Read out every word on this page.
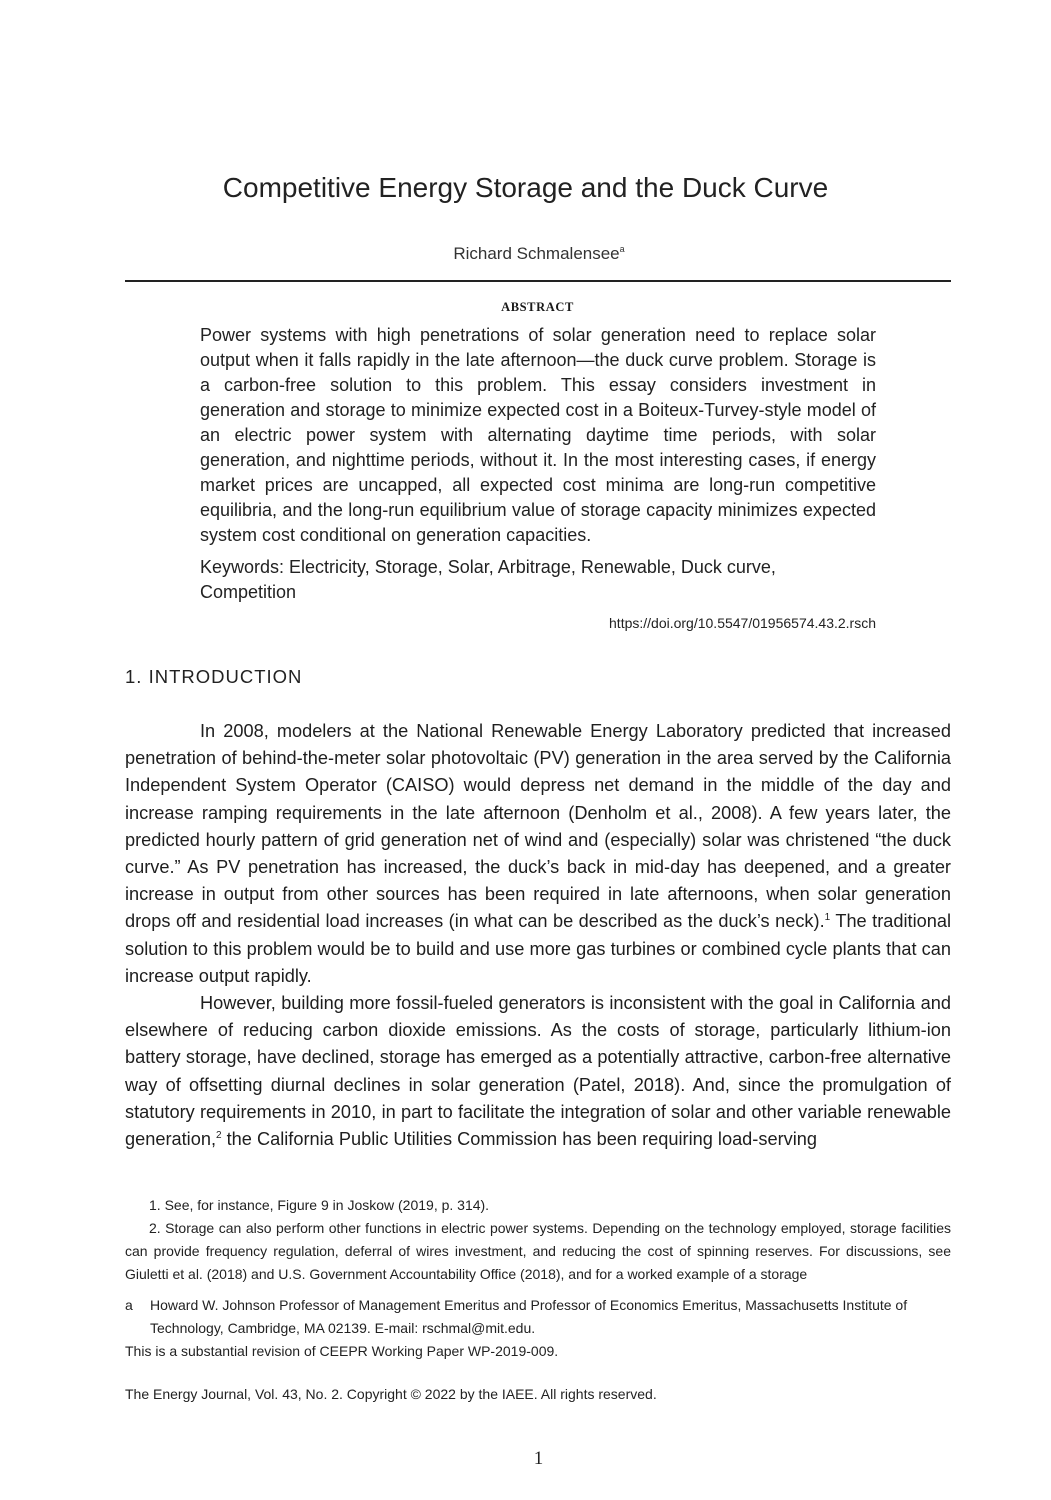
Competitive Energy Storage and the Duck Curve
Richard Schmalensee$^a$
ABSTRACT

Power systems with high penetrations of solar generation need to replace solar output when it falls rapidly in the late afternoon—the duck curve problem. Storage is a carbon-free solution to this problem. This essay considers investment in generation and storage to minimize expected cost in a Boiteux-Turvey-style model of an electric power system with alternating daytime time periods, with solar generation, and nighttime periods, without it. In the most interesting cases, if energy market prices are uncapped, all expected cost minima are long-run competitive equilibria, and the long-run equilibrium value of storage capacity minimizes expected system cost conditional on generation capacities.

Keywords: Electricity, Storage, Solar, Arbitrage, Renewable, Duck curve, Competition
https://doi.org/10.5547/01956574.43.2.rsch
1. INTRODUCTION

In 2008, modelers at the National Renewable Energy Laboratory predicted that increased penetration of behind-the-meter solar photovoltaic (PV) generation in the area served by the California Independent System Operator (CAISO) would depress net demand in the middle of the day and increase ramping requirements in the late afternoon (Denholm et al., 2008). A few years later, the predicted hourly pattern of grid generation net of wind and (especially) solar was christened “the duck curve.” As PV penetration has increased, the duck’s back in mid-day has deepened, and a greater increase in output from other sources has been required in late afternoons, when solar generation drops off and residential load increases (in what can be described as the duck’s neck).$^1$ The traditional solution to this problem would be to build and use more gas turbines or combined cycle plants that can increase output rapidly.

However, building more fossil-fueled generators is inconsistent with the goal in California and elsewhere of reducing carbon dioxide emissions. As the costs of storage, particularly lithium-ion battery storage, have declined, storage has emerged as a potentially attractive, carbon-free alternative way of offsetting diurnal declines in solar generation (Patel, 2018). And, since the promulgation of statutory requirements in 2010, in part to facilitate the integration of solar and other variable renewable generation,$^2$ the California Public Utilities Commission has been requiring load-serving

1. See, for instance, Figure 9 in Joskow (2019, p. 314).

2. Storage can also perform other functions in electric power systems. Depending on the technology employed, storage facilities can provide frequency regulation, deferral of wires investment, and reducing the cost of spinning reserves. For discussions, see Giuletti et al. (2018) and U.S. Government Accountability Office (2018), and for a worked example of a storage

a	Howard W. Johnson Professor of Management Emeritus and Professor of Economics Emeritus, Massachusetts Institute of Technology, Cambridge, MA 02139. E-mail: rschmal@mit.edu.

This is a substantial revision of CEEPR Working Paper WP-2019-009.

The Energy Journal, Vol. 43, No. 2. Copyright © 2022 by the IAEE. All rights reserved.
1
